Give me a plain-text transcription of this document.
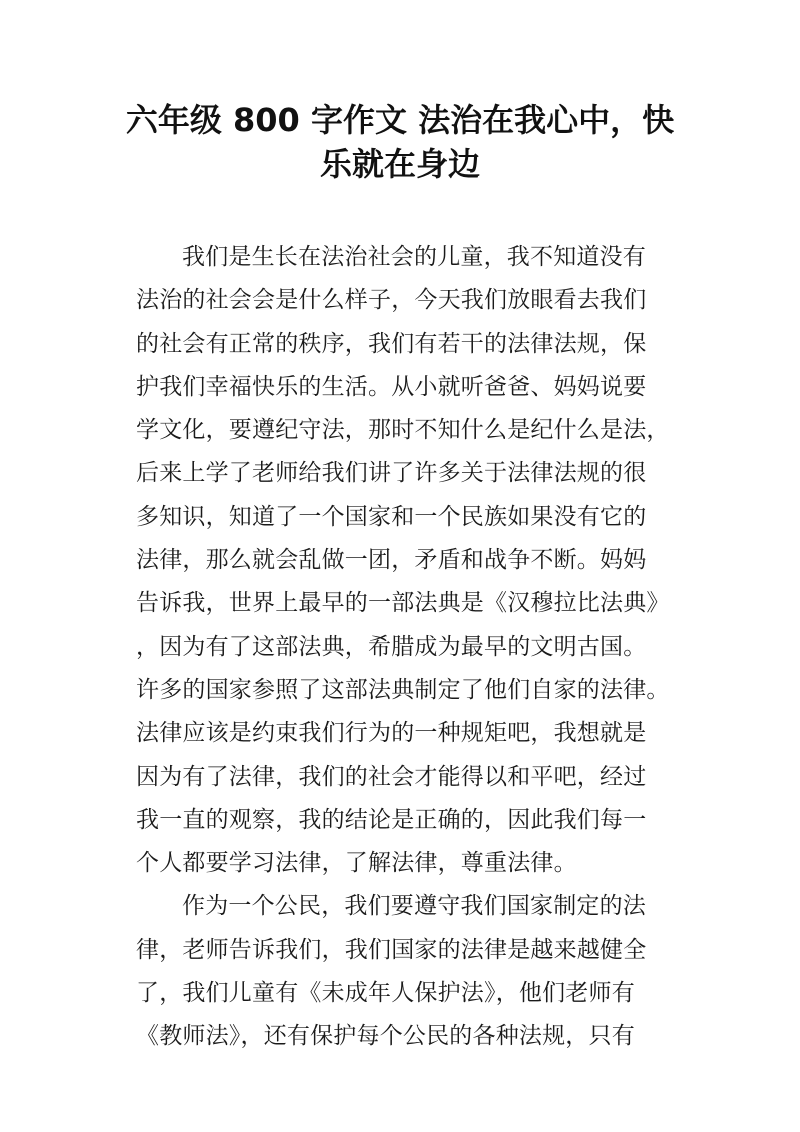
六年级 800 字作文 法治在我心中，快
乐就在身边
我们是生长在法治社会的儿童，我不知道没有
法治的社会会是什么样子，今天我们放眼看去我们
的社会有正常的秩序，我们有若干的法律法规，保
护我们幸福快乐的生活。从小就听爸爸、妈妈说要
学文化，要遵纪守法，那时不知什么是纪什么是法，
后来上学了老师给我们讲了许多关于法律法规的很
多知识，知道了一个国家和一个民族如果没有它的
法律，那么就会乱做一团，矛盾和战争不断。妈妈
告诉我，世界上最早的一部法典是《汉穆拉比法典》
，因为有了这部法典，希腊成为最早的文明古国。
许多的国家参照了这部法典制定了他们自家的法律。
法律应该是约束我们行为的一种规矩吧，我想就是
因为有了法律，我们的社会才能得以和平吧，经过
我一直的观察，我的结论是正确的，因此我们每一
个人都要学习法律，了解法律，尊重法律。
作为一个公民，我们要遵守我们国家制定的法
律，老师告诉我们，我们国家的法律是越来越健全
了，我们儿童有《未成年人保护法》，他们老师有
《教师法》，还有保护每个公民的各种法规，只有
